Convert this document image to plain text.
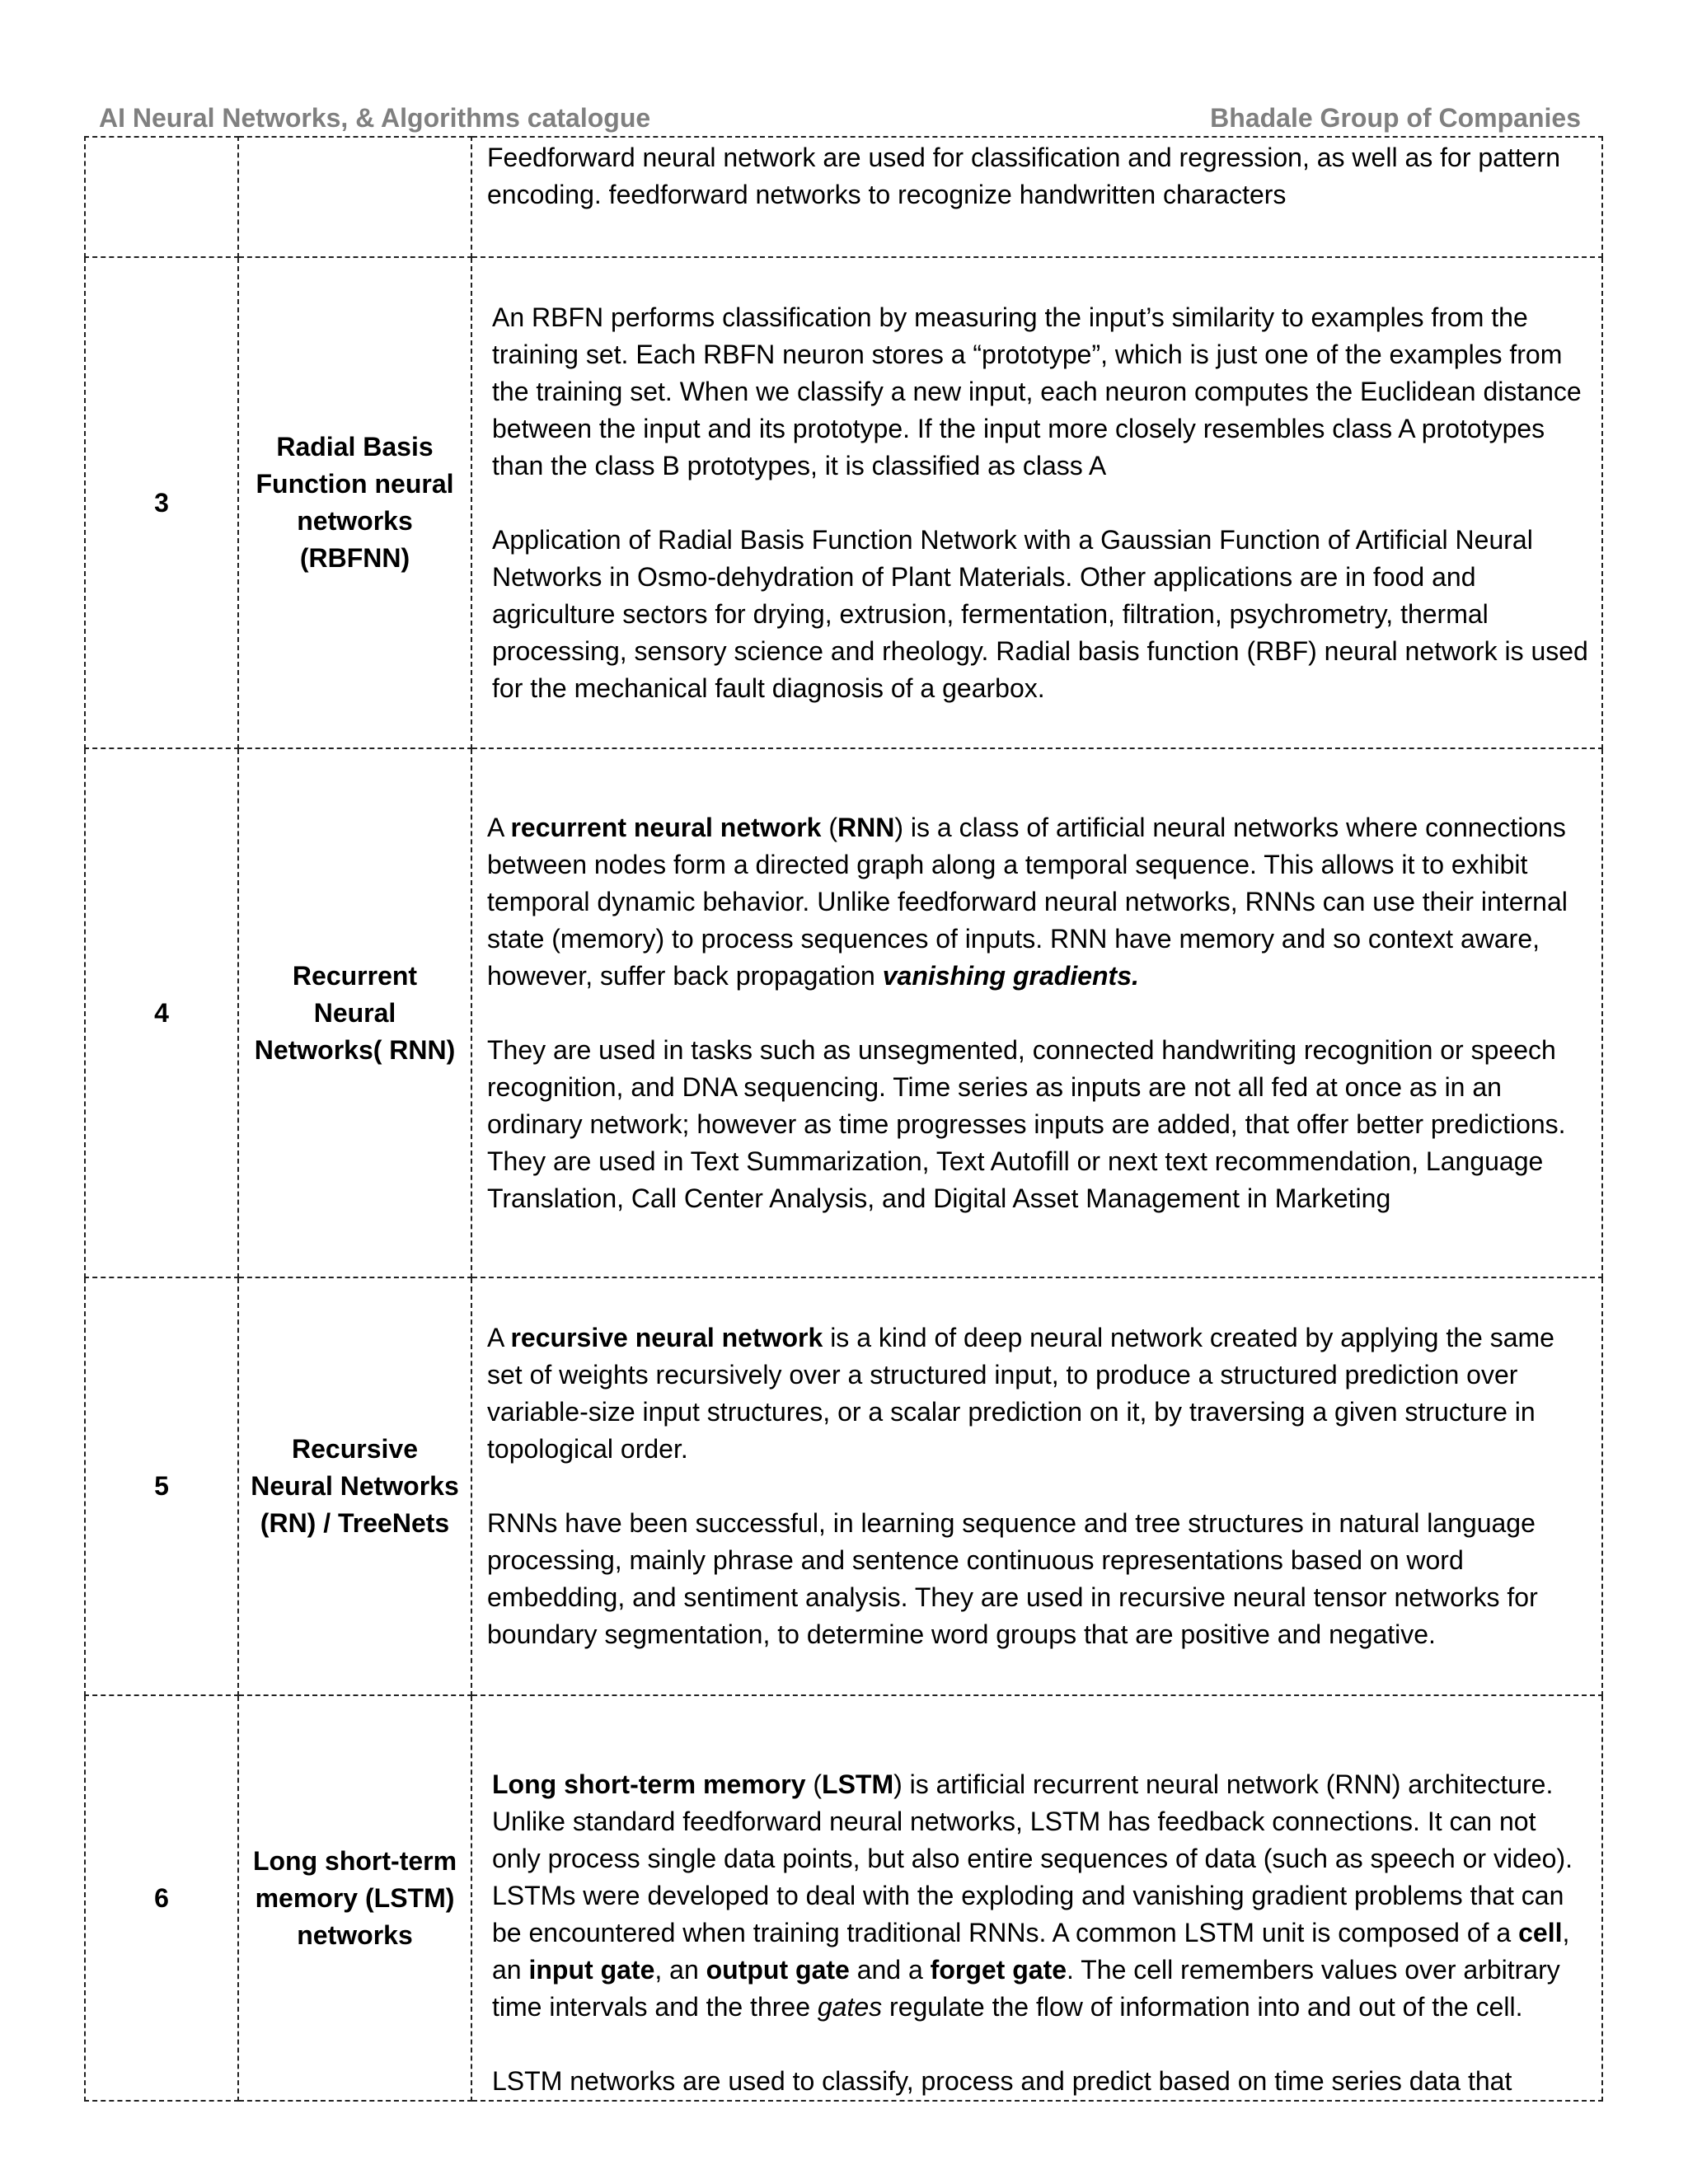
AI Neural Networks, & Algorithms catalogue	Bhadale Group of Companies

		Feedforward neural network are used for classification and regression, as well as for pattern encoding. feedforward networks to recognize handwritten characters

3	Radial Basis Function neural networks (RBFNN)	An RBFN performs classification by measuring the input’s similarity to examples from the training set. Each RBFN neuron stores a “prototype”, which is just one of the examples from the training set. When we classify a new input, each neuron computes the Euclidean distance between the input and its prototype. If the input more closely resembles class A prototypes than the class B prototypes, it is classified as class A

Application of Radial Basis Function Network with a Gaussian Function of Artificial Neural Networks in Osmo-dehydration of Plant Materials. Other applications are in food and agriculture sectors for drying, extrusion, fermentation, filtration, psychrometry, thermal processing, sensory science and rheology. Radial basis function (RBF) neural network is used for the mechanical fault diagnosis of a gearbox.

4	Recurrent Neural Networks( RNN)	A recurrent neural network (RNN) is a class of artificial neural networks where connections between nodes form a directed graph along a temporal sequence. This allows it to exhibit temporal dynamic behavior. Unlike feedforward neural networks, RNNs can use their internal state (memory) to process sequences of inputs. RNN have memory and so context aware, however, suffer back propagation vanishing gradients.

They are used in tasks such as unsegmented, connected handwriting recognition or speech recognition, and DNA sequencing. Time series as inputs are not all fed at once as in an ordinary network; however as time progresses inputs are added, that offer better predictions. They are used in Text Summarization, Text Autofill or next text recommendation, Language Translation, Call Center Analysis, and Digital Asset Management in Marketing

5	Recursive Neural Networks (RN) / TreeNets	A recursive neural network is a kind of deep neural network created by applying the same set of weights recursively over a structured input, to produce a structured prediction over variable-size input structures, or a scalar prediction on it, by traversing a given structure in topological order.

RNNs have been successful, in learning sequence and tree structures in natural language processing, mainly phrase and sentence continuous representations based on word embedding, and sentiment analysis. They are used in recursive neural tensor networks for boundary segmentation, to determine word groups that are positive and negative.

6	Long short-term memory (LSTM) networks	Long short-term memory (LSTM) is artificial recurrent neural network (RNN) architecture. Unlike standard feedforward neural networks, LSTM has feedback connections. It can not only process single data points, but also entire sequences of data (such as speech or video). LSTMs were developed to deal with the exploding and vanishing gradient problems that can be encountered when training traditional RNNs. A common LSTM unit is composed of a cell, an input gate, an output gate and a forget gate. The cell remembers values over arbitrary time intervals and the three gates regulate the flow of information into and out of the cell.

LSTM networks are used to classify, process and predict based on time series data that
